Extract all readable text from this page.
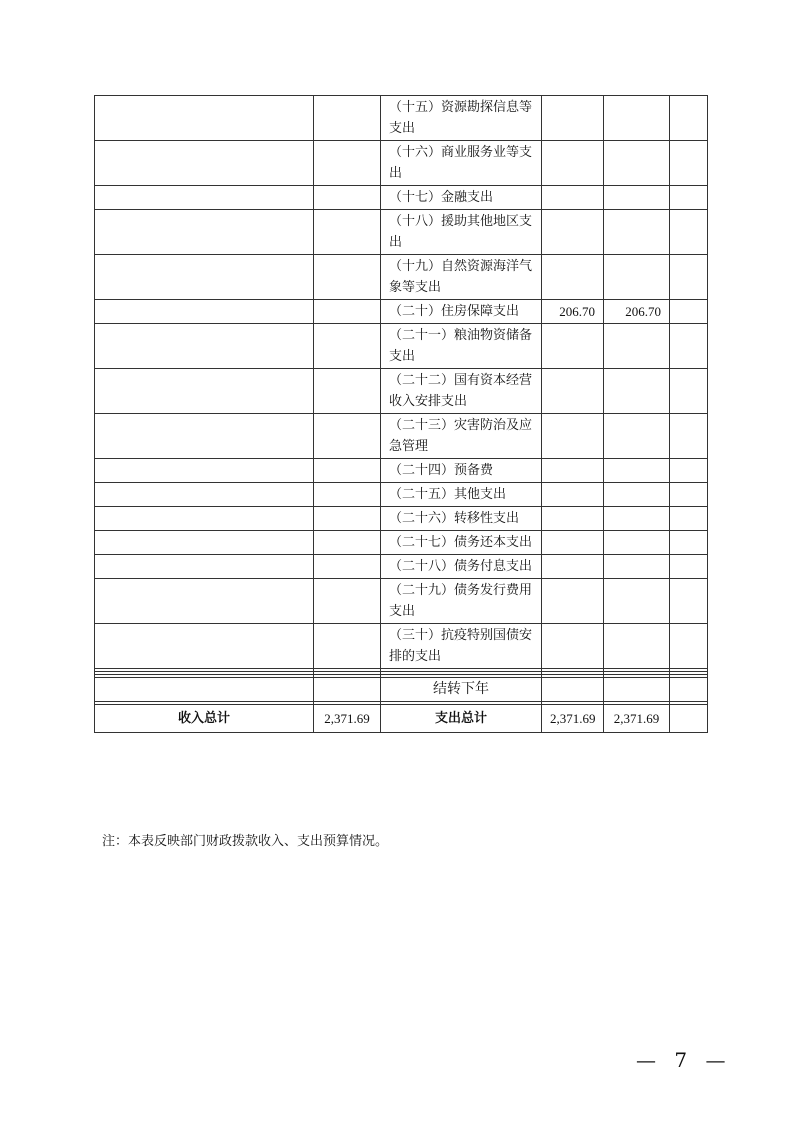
		（十五）资源勘探信息等支出			
		（十六）商业服务业等支出			
		（十七）金融支出			
		（十八）援助其他地区支出			
		（十九）自然资源海洋气象等支出			
		（二十）住房保障支出	206.70	206.70	
		（二十一）粮油物资储备支出			
		（二十二）国有资本经营收入安排支出			
		（二十三）灾害防治及应急管理			
		（二十四）预备费			
		（二十五）其他支出			
		（二十六）转移性支出			
		（二十七）债务还本支出			
		（二十八）债务付息支出			
		（二十九）债务发行费用支出			
		（三十）抗疫特别国债安排的支出			

		结转下年			

收入总计	2,371.69	支出总计	2,371.69	2,371.69	
注：本表反映部门财政拨款收入、支出预算情况。
— 7 —
